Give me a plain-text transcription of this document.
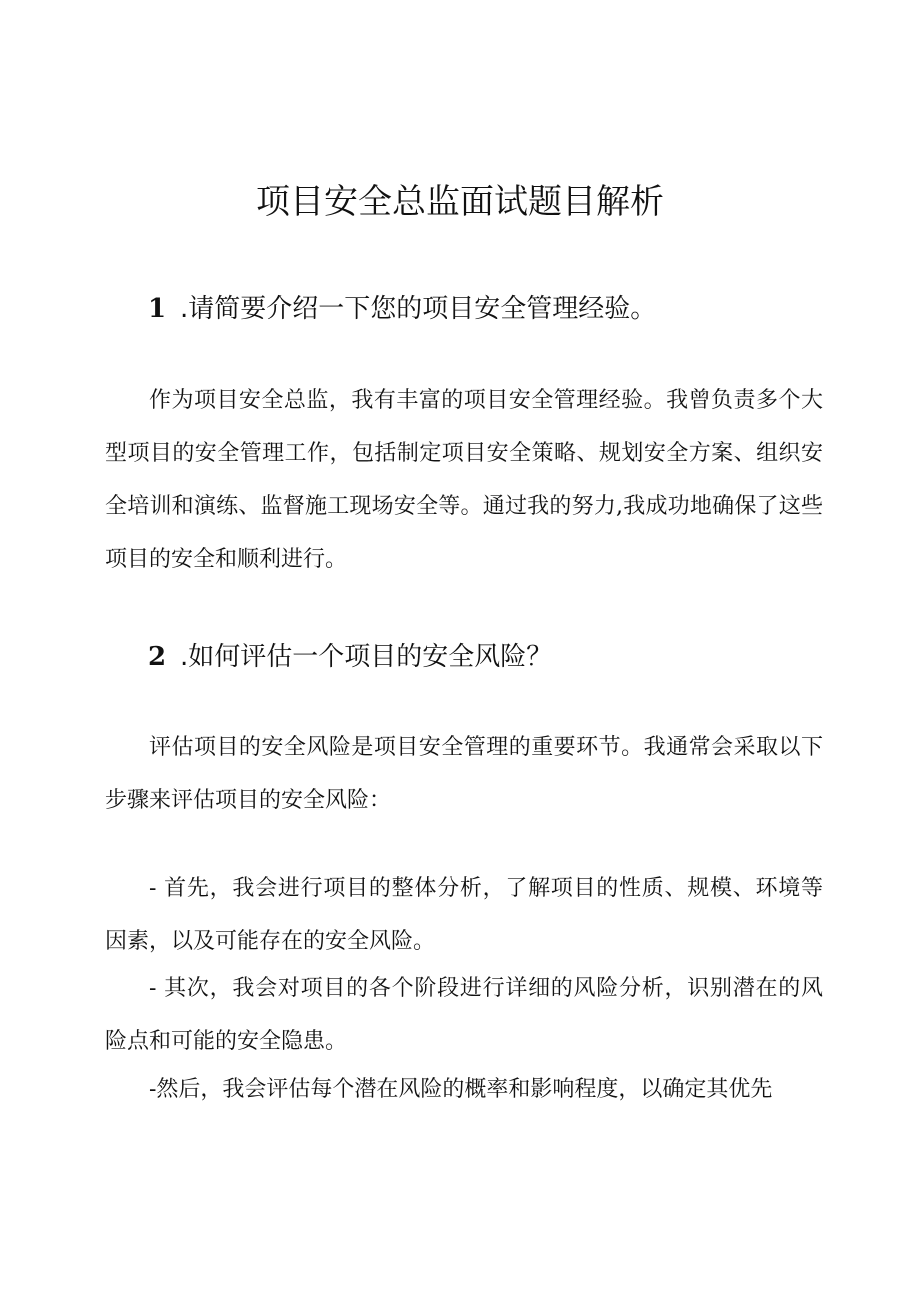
项目安全总监面试题目解析
1 .请简要介绍一下您的项目安全管理经验。

作为项目安全总监，我有丰富的项目安全管理经验。我曾负责多个大型项目的安全管理工作，包括制定项目安全策略、规划安全方案、组织安全培训和演练、监督施工现场安全等。通过我的努力,我成功地确保了这些项目的安全和顺利进行。

2 .如何评估一个项目的安全风险？

评估项目的安全风险是项目安全管理的重要环节。我通常会采取以下步骤来评估项目的安全风险：

- 首先，我会进行项目的整体分析，了解项目的性质、规模、环境等因素，以及可能存在的安全风险。

- 其次，我会对项目的各个阶段进行详细的风险分析，识别潜在的风险点和可能的安全隐患。

-然后，我会评估每个潜在风险的概率和影响程度，以确定其优先
